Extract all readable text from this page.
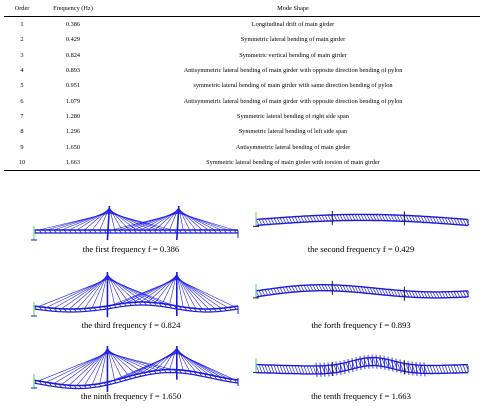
Order	Frequency (Hz)	Mode Shape
1	0.386	Longitudinal drift of main girder
2	0.429	Symmetric lateral bending of main girder
3	0.824	Symmetric vertical bending of main girder
4	0.893	Antisymmetric lateral bending of main girder with opposite direction bending of pylon
5	0.951	symmetric lateral bending of main girder with same direction bending of pylon
6	1.079	Antisymmetric lateral bending of main girder with opposite direction bending of pylon
7	1.280	Symmetric lateral bending of right side span
8	1.296	Symmetric lateral bending of left side span
9	1.650	Antisymmetric lateral bending of main girder
10	1.663	Symmetric lateral bending of main girder with torsion of main girder
the first frequency f = 0.386	the second frequency f = 0.429
the third frequency f = 0.824	the forth frequency f = 0.893
the ninth frequency f = 1.650	the tenth frequency f = 1.663
